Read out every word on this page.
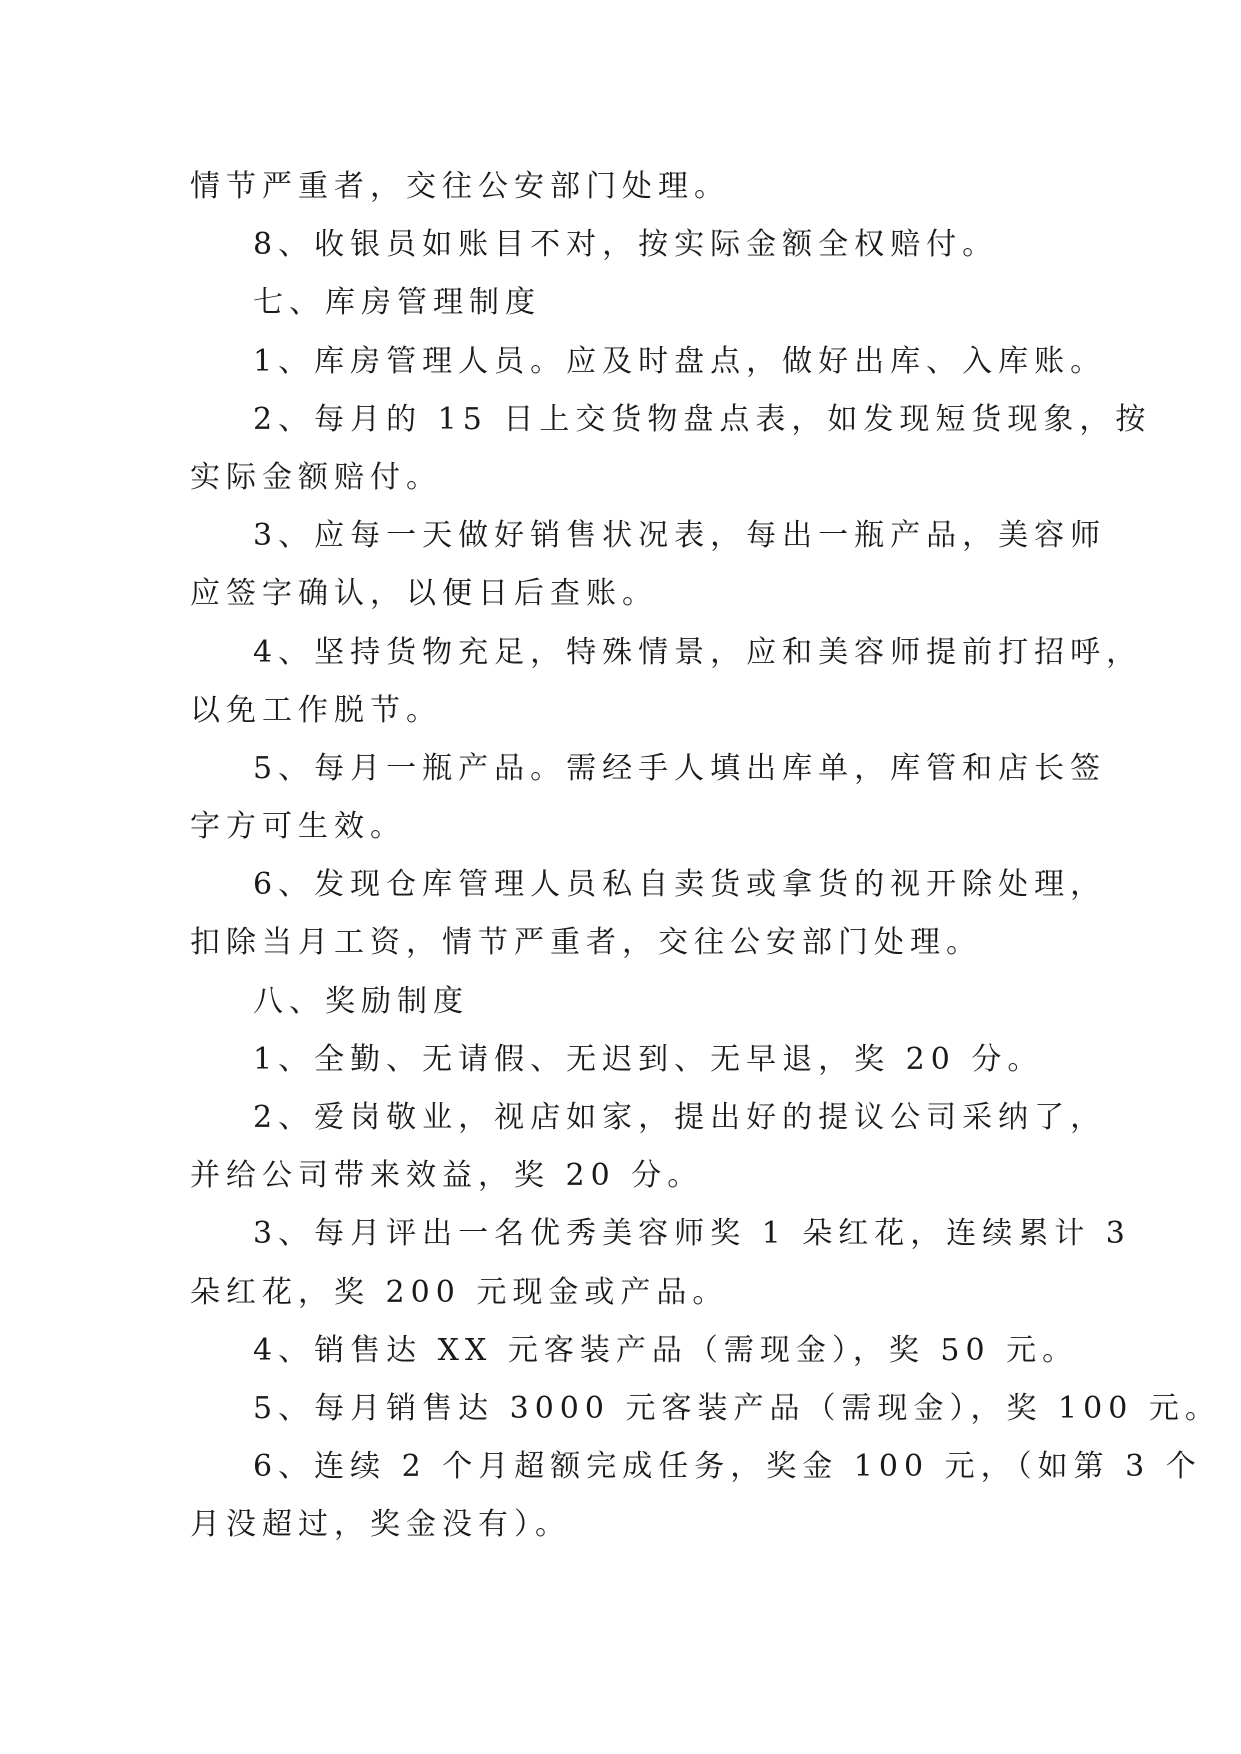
情节严重者，交往公安部门处理。
8、收银员如账目不对，按实际金额全权赔付。
七、库房管理制度
1、库房管理人员。应及时盘点，做好出库、入库账。
2、每月的 15 日上交货物盘点表，如发现短货现象，按
实际金额赔付。
3、应每一天做好销售状况表，每出一瓶产品，美容师
应签字确认，以便日后查账。
4、坚持货物充足，特殊情景，应和美容师提前打招呼，
以免工作脱节。
5、每月一瓶产品。需经手人填出库单，库管和店长签
字方可生效。
6、发现仓库管理人员私自卖货或拿货的视开除处理，
扣除当月工资，情节严重者，交往公安部门处理。
八、奖励制度
1、全勤、无请假、无迟到、无早退，奖 20 分。
2、爱岗敬业，视店如家，提出好的提议公司采纳了，
并给公司带来效益，奖 20 分。
3、每月评出一名优秀美容师奖 1 朵红花，连续累计 3
朵红花，奖 200 元现金或产品。
4、销售达 XX 元客装产品（需现金），奖 50 元。
5、每月销售达 3000 元客装产品（需现金），奖 100 元。
6、连续 2 个月超额完成任务，奖金 100 元，（如第 3 个
月没超过，奖金没有）。
